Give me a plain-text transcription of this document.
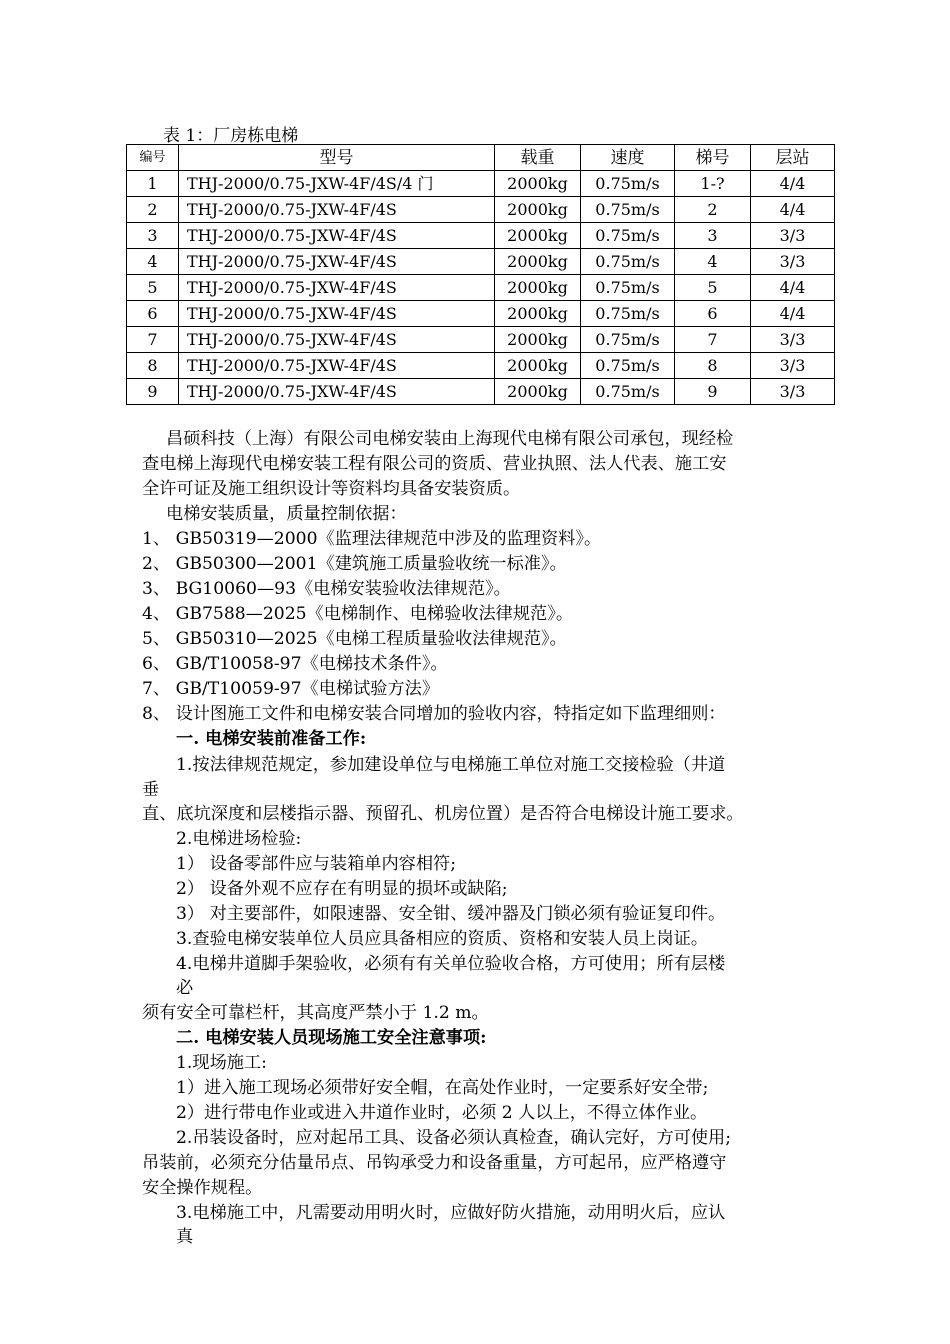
表 1：厂房栋电梯
编号	型号	载重	速度	梯号	层站
1	THJ-2000/0.75-JXW-4F/4S/4 门	2000kg	0.75m/s	1-?	4/4
2	THJ-2000/0.75-JXW-4F/4S	2000kg	0.75m/s	2	4/4
3	THJ-2000/0.75-JXW-4F/4S	2000kg	0.75m/s	3	3/3
4	THJ-2000/0.75-JXW-4F/4S	2000kg	0.75m/s	4	3/3
5	THJ-2000/0.75-JXW-4F/4S	2000kg	0.75m/s	5	4/4
6	THJ-2000/0.75-JXW-4F/4S	2000kg	0.75m/s	6	4/4
7	THJ-2000/0.75-JXW-4F/4S	2000kg	0.75m/s	7	3/3
8	THJ-2000/0.75-JXW-4F/4S	2000kg	0.75m/s	8	3/3
9	THJ-2000/0.75-JXW-4F/4S	2000kg	0.75m/s	9	3/3
昌硕科技（上海）有限公司电梯安装由上海现代电梯有限公司承包，现经检
查电梯上海现代电梯安装工程有限公司的资质、营业执照、法人代表、施工安
全许可证及施工组织设计等资料均具备安装资质。
电梯安装质量，质量控制依据：
1、 GB50319—2000《监理法律规范中涉及的监理资料》。
2、 GB50300—2001《建筑施工质量验收统一标准》。
3、 BG10060—93《电梯安装验收法律规范》。
4、 GB7588—2025《电梯制作、电梯验收法律规范》。
5、 GB50310—2025《电梯工程质量验收法律规范》。
6、 GB/T10058-97《电梯技术条件》。
7、 GB/T10059-97《电梯试验方法》
8、 设计图施工文件和电梯安装合同增加的验收内容，特指定如下监理细则：
一. 电梯安装前准备工作:
1.按法律规范规定，参加建设单位与电梯施工单位对施工交接检验（井道
垂
直、底坑深度和层楼指示器、预留孔、机房位置）是否符合电梯设计施工要求。
2.电梯进场检验:
1） 设备零部件应与装箱单内容相符;
2） 设备外观不应存在有明显的损坏或缺陷;
3） 对主要部件，如限速器、安全钳、缓冲器及门锁必须有验证复印件。
3.查验电梯安装单位人员应具备相应的资质、资格和安装人员上岗证。
4.电梯井道脚手架验收，必须有有关单位验收合格，方可使用；所有层楼
必
须有安全可靠栏杆，其高度严禁小于 1.2 m。
二. 电梯安装人员现场施工安全注意事项:
1.现场施工:
1）进入施工现场必须带好安全帽，在高处作业时，一定要系好安全带;
2）进行带电作业或进入井道作业时，必须 2 人以上，不得立体作业。
2.吊装设备时，应对起吊工具、设备必须认真检查，确认完好，方可使用;
吊装前，必须充分估量吊点、吊钩承受力和设备重量，方可起吊，应严格遵守
安全操作规程。
3.电梯施工中，凡需要动用明火时，应做好防火措施，动用明火后，应认
真
